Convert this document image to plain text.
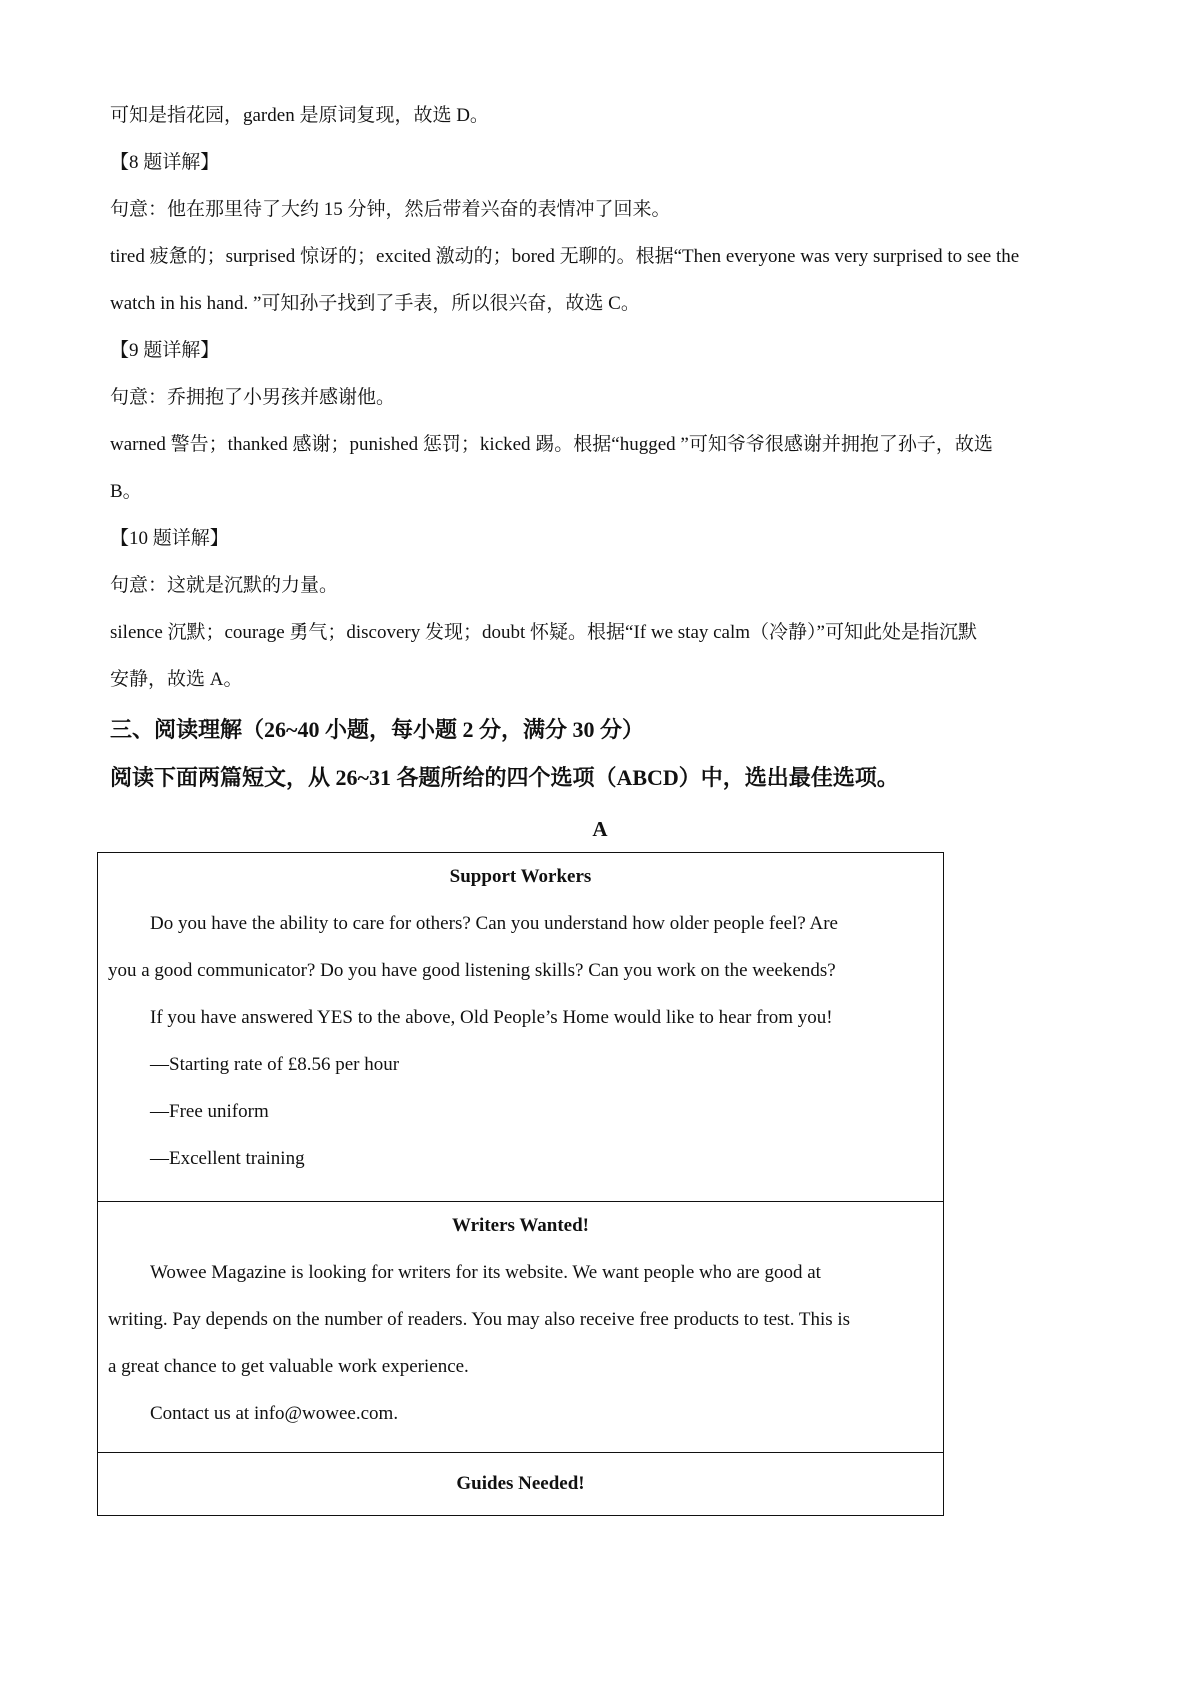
可知是指花园，garden 是原词复现，故选 D。

【8 题详解】

句意：他在那里待了大约 15 分钟，然后带着兴奋的表情冲了回来。

tired 疲惫的；surprised 惊讶的；excited 激动的；bored 无聊的。根据“Then everyone was very surprised to see the

watch in his hand. ”可知孙子找到了手表，所以很兴奋，故选 C。

【9 题详解】

句意：乔拥抱了小男孩并感谢他。

warned 警告；thanked 感谢；punished 惩罚；kicked 踢。根据“hugged ”可知爷爷很感谢并拥抱了孙子，故选

B。

【10 题详解】

句意：这就是沉默的力量。

silence 沉默；courage 勇气；discovery 发现；doubt 怀疑。根据“If we stay calm（冷静）”可知此处是指沉默

安静，故选 A。

三、阅读理解（26~40 小题，每小题 2 分，满分 30 分）

阅读下面两篇短文，从 26~31 各题所给的四个选项（ABCD）中，选出最佳选项。

A

Support Workers

Do you have the ability to care for others? Can you understand how older people feel? Are

you a good communicator? Do you have good listening skills? Can you work on the weekends?

If you have answered YES to the above, Old People’s Home would like to hear from you!

—Starting rate of £8.56 per hour

—Free uniform

—Excellent training

Writers Wanted!

Wowee Magazine is looking for writers for its website. We want people who are good at

writing. Pay depends on the number of readers. You may also receive free products to test. This is

a great chance to get valuable work experience.

Contact us at info@wowee.com.

Guides Needed!
